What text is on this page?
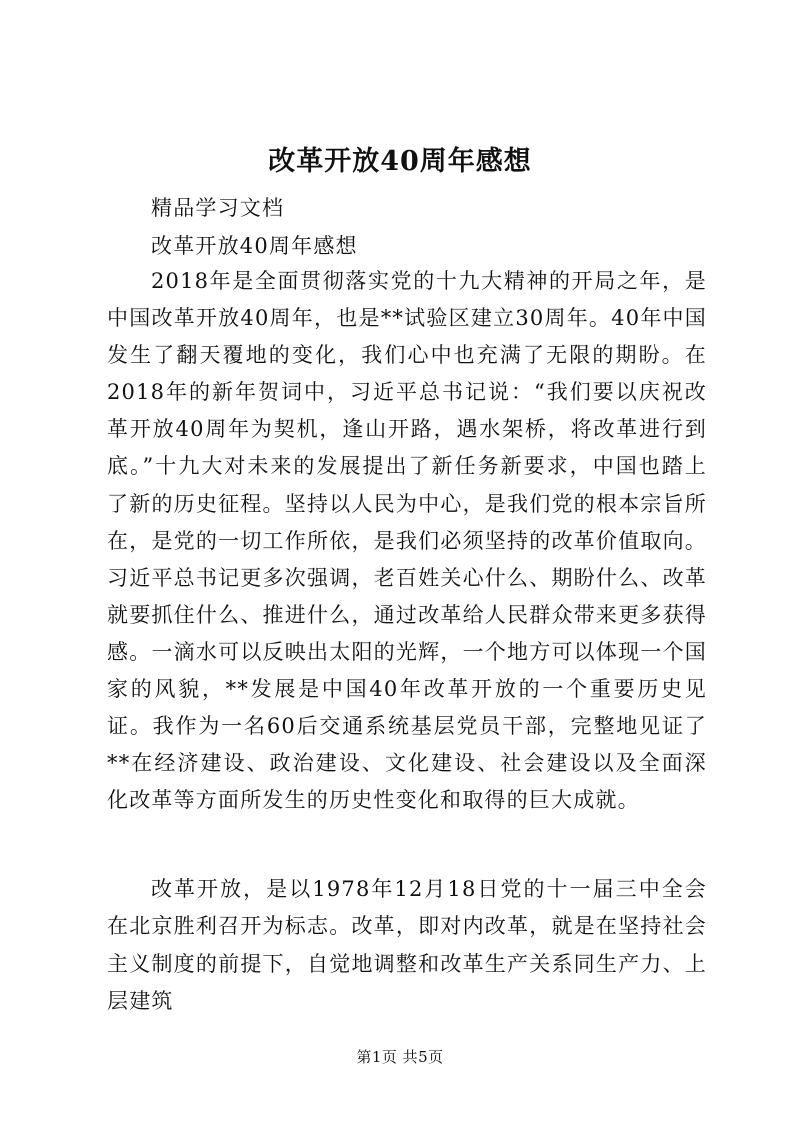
改革开放40周年感想

精品学习文档

改革开放40周年感想

2018年是全面贯彻落实党的十九大精神的开局之年，是中国改革开放40周年，也是**试验区建立30周年。40年中国发生了翻天覆地的变化，我们心中也充满了无限的期盼。在2018年的新年贺词中，习近平总书记说：“我们要以庆祝改革开放40周年为契机，逢山开路，遇水架桥，将改革进行到底。”十九大对未来的发展提出了新任务新要求，中国也踏上了新的历史征程。坚持以人民为中心，是我们党的根本宗旨所在，是党的一切工作所依，是我们必须坚持的改革价值取向。习近平总书记更多次强调，老百姓关心什么、期盼什么、改革就要抓住什么、推进什么，通过改革给人民群众带来更多获得感。一滴水可以反映出太阳的光辉，一个地方可以体现一个国家的风貌，**发展是中国40年改革开放的一个重要历史见证。我作为一名60后交通系统基层党员干部，完整地见证了**在经济建设、政治建设、文化建设、社会建设以及全面深化改革等方面所发生的历史性变化和取得的巨大成就。

改革开放，是以1978年12月18日党的十一届三中全会在北京胜利召开为标志。改革，即对内改革，就是在坚持社会主义制度的前提下，自觉地调整和改革生产关系同生产力、上层建筑

第1页 共5页
